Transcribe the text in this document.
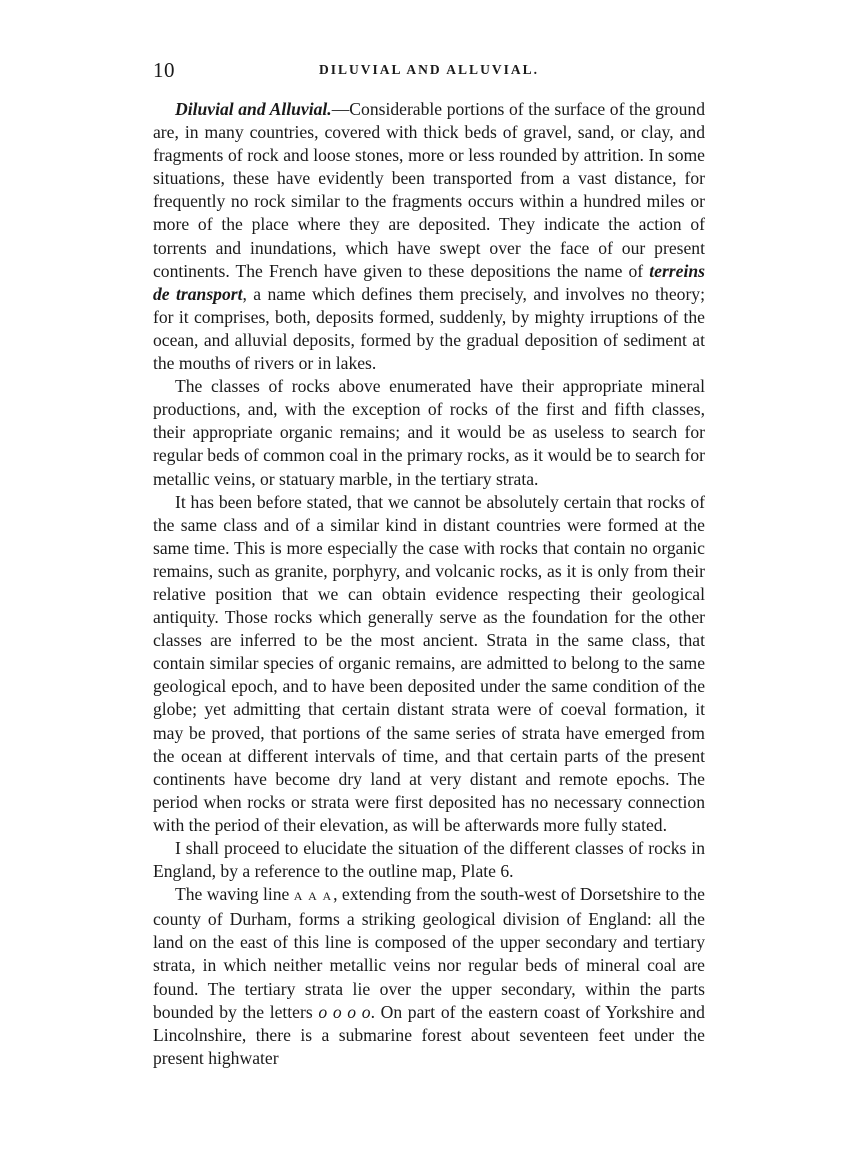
10	DILUVIAL AND ALLUVIAL.

Diluvial and Alluvial.—Considerable portions of the surface of the ground are, in many countries, covered with thick beds of gravel, sand, or clay, and fragments of rock and loose stones, more or less rounded by attrition. In some situations, these have evidently been transported from a vast distance, for frequently no rock similar to the fragments occurs within a hundred miles or more of the place where they are deposited. They indicate the action of torrents and inundations, which have swept over the face of our present continents. The French have given to these depositions the name of terreins de transport, a name which defines them precisely, and involves no theory; for it comprises, both, deposits formed, suddenly, by mighty irruptions of the ocean, and alluvial deposits, formed by the gradual deposition of sediment at the mouths of rivers or in lakes.

The classes of rocks above enumerated have their appropriate mineral productions, and, with the exception of rocks of the first and fifth classes, their appropriate organic remains; and it would be as useless to search for regular beds of common coal in the primary rocks, as it would be to search for metallic veins, or statuary marble, in the tertiary strata.

It has been before stated, that we cannot be absolutely certain that rocks of the same class and of a similar kind in distant countries were formed at the same time. This is more especially the case with rocks that contain no organic remains, such as granite, porphyry, and volcanic rocks, as it is only from their relative position that we can obtain evidence respecting their geological antiquity. Those rocks which generally serve as the foundation for the other classes are inferred to be the most ancient. Strata in the same class, that contain similar species of organic remains, are admitted to belong to the same geological epoch, and to have been deposited under the same condition of the globe; yet admitting that certain distant strata were of coeval formation, it may be proved, that portions of the same series of strata have emerged from the ocean at different intervals of time, and that certain parts of the present continents have become dry land at very distant and remote epochs. The period when rocks or strata were first deposited has no necessary connection with the period of their elevation, as will be afterwards more fully stated.

I shall proceed to elucidate the situation of the different classes of rocks in England, by a reference to the outline map, Plate 6.

The waving line A A A, extending from the south-west of Dorsetshire to the county of Durham, forms a striking geological division of England: all the land on the east of this line is composed of the upper secondary and tertiary strata, in which neither metallic veins nor regular beds of mineral coal are found. The tertiary strata lie over the upper secondary, within the parts bounded by the letters o o o o. On part of the eastern coast of Yorkshire and Lincolnshire, there is a submarine forest about seventeen feet under the present highwater
